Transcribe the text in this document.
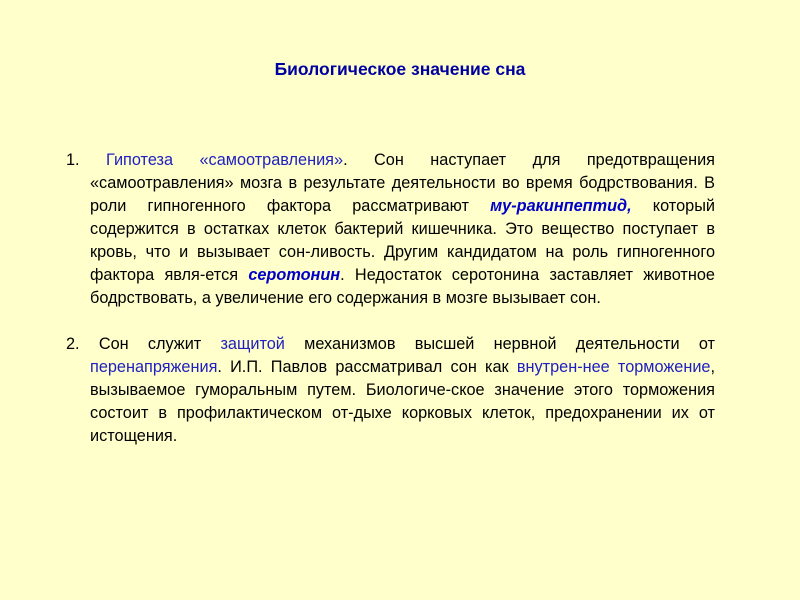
Биологическое значение сна

1. Гипотеза «самоотравления». Сон наступает для предотвращения «самоотравления» мозга в результате деятельности во время бодрствования. В роли гипногенного фактора рассматривают му-ракинпептид, который содержится в остатках клеток бактерий кишечника. Это вещество поступает в кровь, что и вызывает сон-ливость. Другим кандидатом на роль гипногенного фактора явля-ется серотонин. Недостаток серотонина заставляет животное бодрствовать, а увеличение его содержания в мозге вызывает сон.

2. Сон служит защитой механизмов высшей нервной деятельности от перенапряжения. И.П. Павлов рассматривал сон как внутрен-нее торможение, вызываемое гуморальным путем. Биологиче-ское значение этого торможения состоит в профилактическом от-дыхе корковых клеток, предохранении их от истощения.
